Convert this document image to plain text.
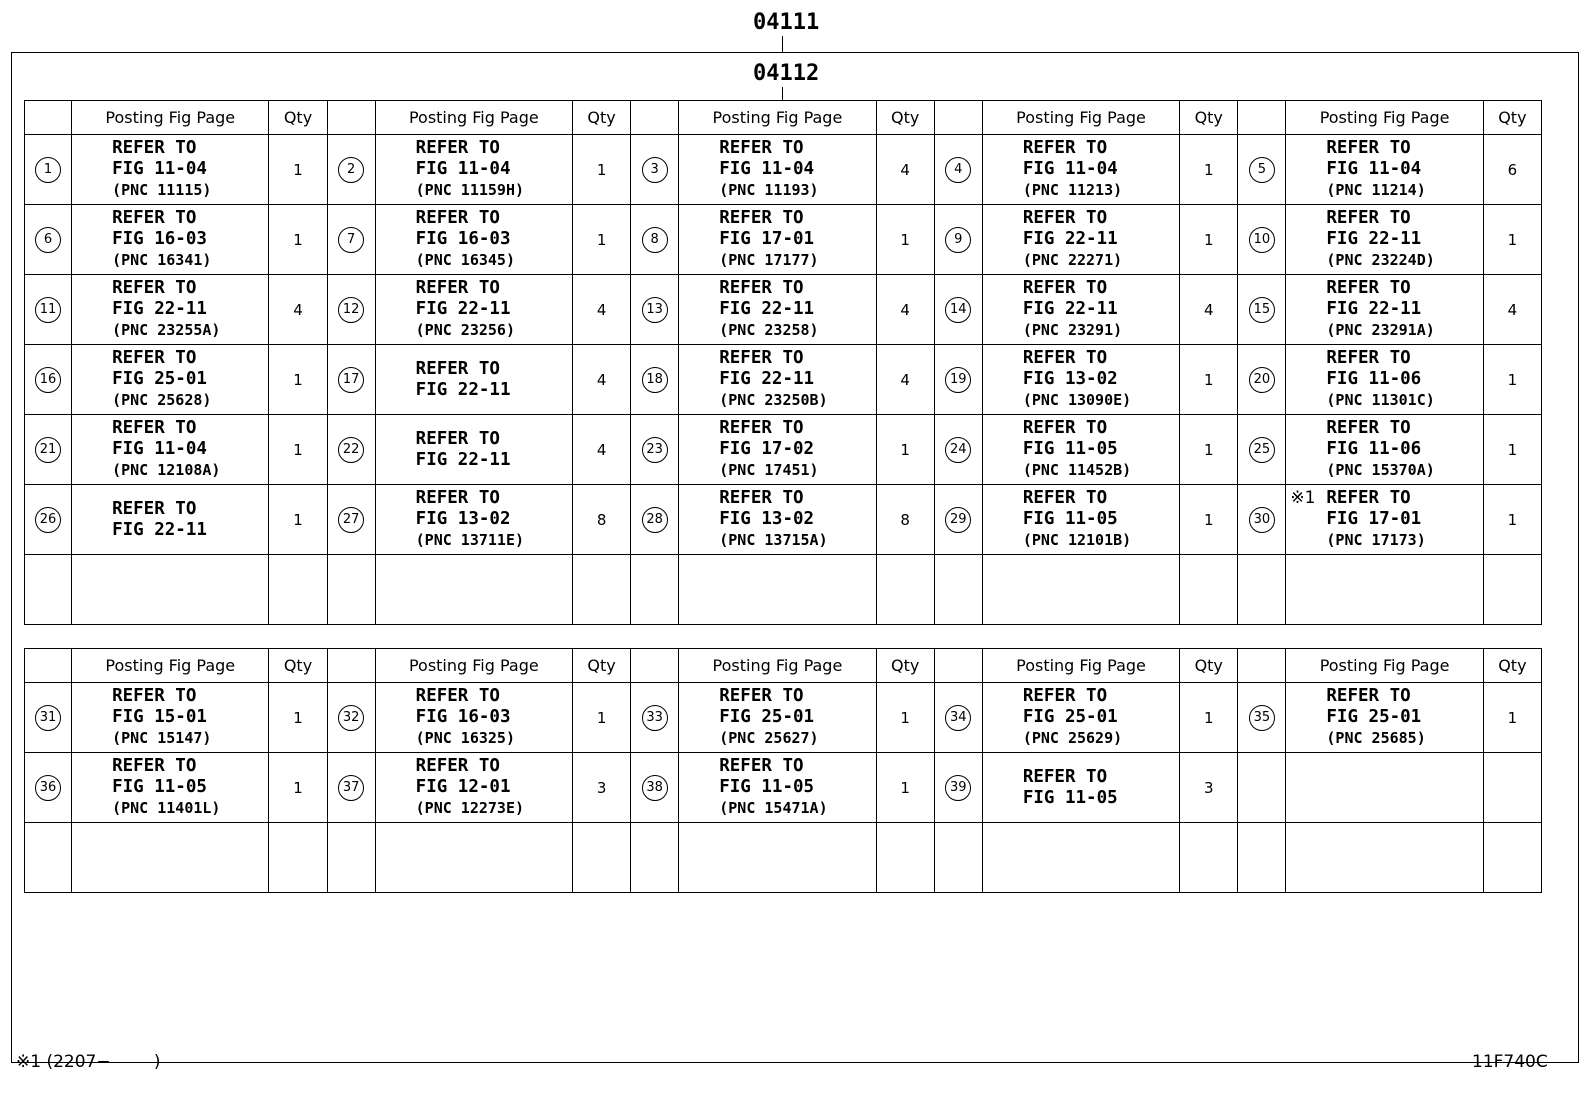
04111
04112
	Posting Fig Page	Qty		Posting Fig Page	Qty		Posting Fig Page	Qty		Posting Fig Page	Qty		Posting Fig Page	Qty
1	REFER TO
FIG 11-04
(PNC 11115)	1	2	REFER TO
FIG 11-04
(PNC 11159H)	1	3	REFER TO
FIG 11-04
(PNC 11193)	4	4	REFER TO
FIG 11-04
(PNC 11213)	1	5	REFER TO
FIG 11-04
(PNC 11214)	6
6	REFER TO
FIG 16-03
(PNC 16341)	1	7	REFER TO
FIG 16-03
(PNC 16345)	1	8	REFER TO
FIG 17-01
(PNC 17177)	1	9	REFER TO
FIG 22-11
(PNC 22271)	1	10	REFER TO
FIG 22-11
(PNC 23224D)	1
11	REFER TO
FIG 22-11
(PNC 23255A)	4	12	REFER TO
FIG 22-11
(PNC 23256)	4	13	REFER TO
FIG 22-11
(PNC 23258)	4	14	REFER TO
FIG 22-11
(PNC 23291)	4	15	REFER TO
FIG 22-11
(PNC 23291A)	4
16	REFER TO
FIG 25-01
(PNC 25628)	1	17	REFER TO
FIG 22-11	4	18	REFER TO
FIG 22-11
(PNC 23250B)	4	19	REFER TO
FIG 13-02
(PNC 13090E)	1	20	REFER TO
FIG 11-06
(PNC 11301C)	1
21	REFER TO
FIG 11-04
(PNC 12108A)	1	22	REFER TO
FIG 22-11	4	23	REFER TO
FIG 17-02
(PNC 17451)	1	24	REFER TO
FIG 11-05
(PNC 11452B)	1	25	REFER TO
FIG 11-06
(PNC 15370A)	1
26	REFER TO
FIG 22-11	1	27	REFER TO
FIG 13-02
(PNC 13711E)	8	28	REFER TO
FIG 13-02
(PNC 13715A)	8	29	REFER TO
FIG 11-05
(PNC 12101B)	1	30	※1 REFER TO
FIG 17-01
(PNC 17173)	1

	Posting Fig Page	Qty		Posting Fig Page	Qty		Posting Fig Page	Qty		Posting Fig Page	Qty		Posting Fig Page	Qty
31	REFER TO
FIG 15-01
(PNC 15147)	1	32	REFER TO
FIG 16-03
(PNC 16325)	1	33	REFER TO
FIG 25-01
(PNC 25627)	1	34	REFER TO
FIG 25-01
(PNC 25629)	1	35	REFER TO
FIG 25-01
(PNC 25685)	1
36	REFER TO
FIG 11-05
(PNC 11401L)	1	37	REFER TO
FIG 12-01
(PNC 12273E)	3	38	REFER TO
FIG 11-05
(PNC 15471A)	1	39	REFER TO
FIG 11-05	3			

※1 (2207−        )	11F740C
